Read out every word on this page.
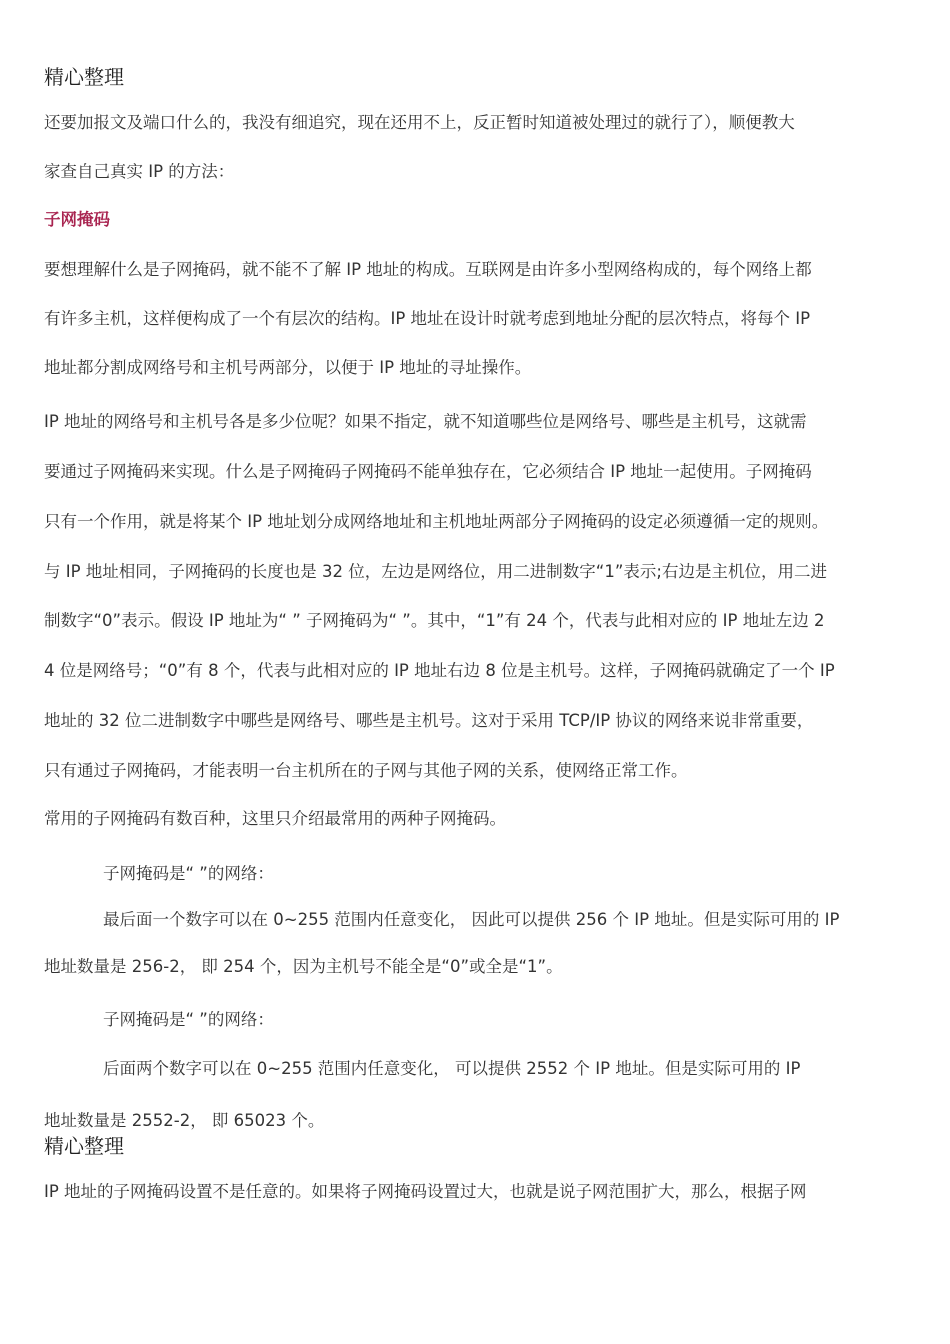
精心整理
还要加报文及端口什么的，我没有细追究，现在还用不上，反正暂时知道被处理过的就行了），顺便教大
家查自己真实 IP 的方法：
子网掩码
要想理解什么是子网掩码，就不能不了解 IP 地址的构成。互联网是由许多小型网络构成的，每个网络上都
有许多主机，这样便构成了一个有层次的结构。IP 地址在设计时就考虑到地址分配的层次特点，将每个 IP
地址都分割成网络号和主机号两部分，以便于 IP 地址的寻址操作。
IP 地址的网络号和主机号各是多少位呢？如果不指定，就不知道哪些位是网络号、哪些是主机号，这就需
要通过子网掩码来实现。什么是子网掩码子网掩码不能单独存在，它必须结合 IP 地址一起使用。子网掩码
只有一个作用，就是将某个 IP 地址划分成网络地址和主机地址两部分子网掩码的设定必须遵循一定的规则。
与 IP 地址相同，子网掩码的长度也是 32 位，左边是网络位，用二进制数字“1”表示;右边是主机位，用二进
制数字“0”表示。假设 IP 地址为“ ” 子网掩码为“ ”。其中，“1”有 24 个，代表与此相对应的 IP 地址左边 2
4 位是网络号；“0”有 8 个，代表与此相对应的 IP 地址右边 8 位是主机号。这样，子网掩码就确定了一个 IP
地址的 32 位二进制数字中哪些是网络号、哪些是主机号。这对于采用 TCP/IP 协议的网络来说非常重要，
只有通过子网掩码，才能表明一台主机所在的子网与其他子网的关系，使网络正常工作。
常用的子网掩码有数百种，这里只介绍最常用的两种子网掩码。
子网掩码是“ ”的网络：
最后面一个数字可以在 0~255 范围内任意变化， 因此可以提供 256 个 IP 地址。但是实际可用的 IP
地址数量是 256-2， 即 254 个，因为主机号不能全是“0”或全是“1”。
子网掩码是“ ”的网络：
后面两个数字可以在 0~255 范围内任意变化， 可以提供 2552 个 IP 地址。但是实际可用的 IP
地址数量是 2552-2， 即 65023 个。
精心整理
IP 地址的子网掩码设置不是任意的。如果将子网掩码设置过大，也就是说子网范围扩大，那么，根据子网
